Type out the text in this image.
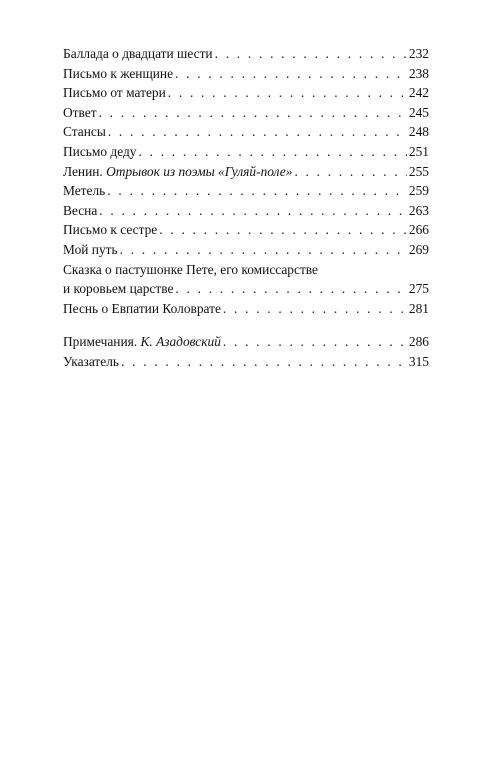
Баллада о двадцати шести . . .	232
Письмо к женщине . . .	238
Письмо от матери . . .	242
Ответ . . .	245
Стансы . . .	248
Письмо деду . . .	251
Ленин. Отрывок из поэмы «Гуляй-поле» . . .	255
Метель . . .	259
Весна . . .	263
Письмо к сестре . . .	266
Мой путь . . .	269
Сказка о пастушонке Пете, его комиссарстве
и коровьем царстве . . .	275
Песнь о Евпатии Коловрате . . .	281
Примечания. К. Азадовский . . .	286
Указатель . . .	315
